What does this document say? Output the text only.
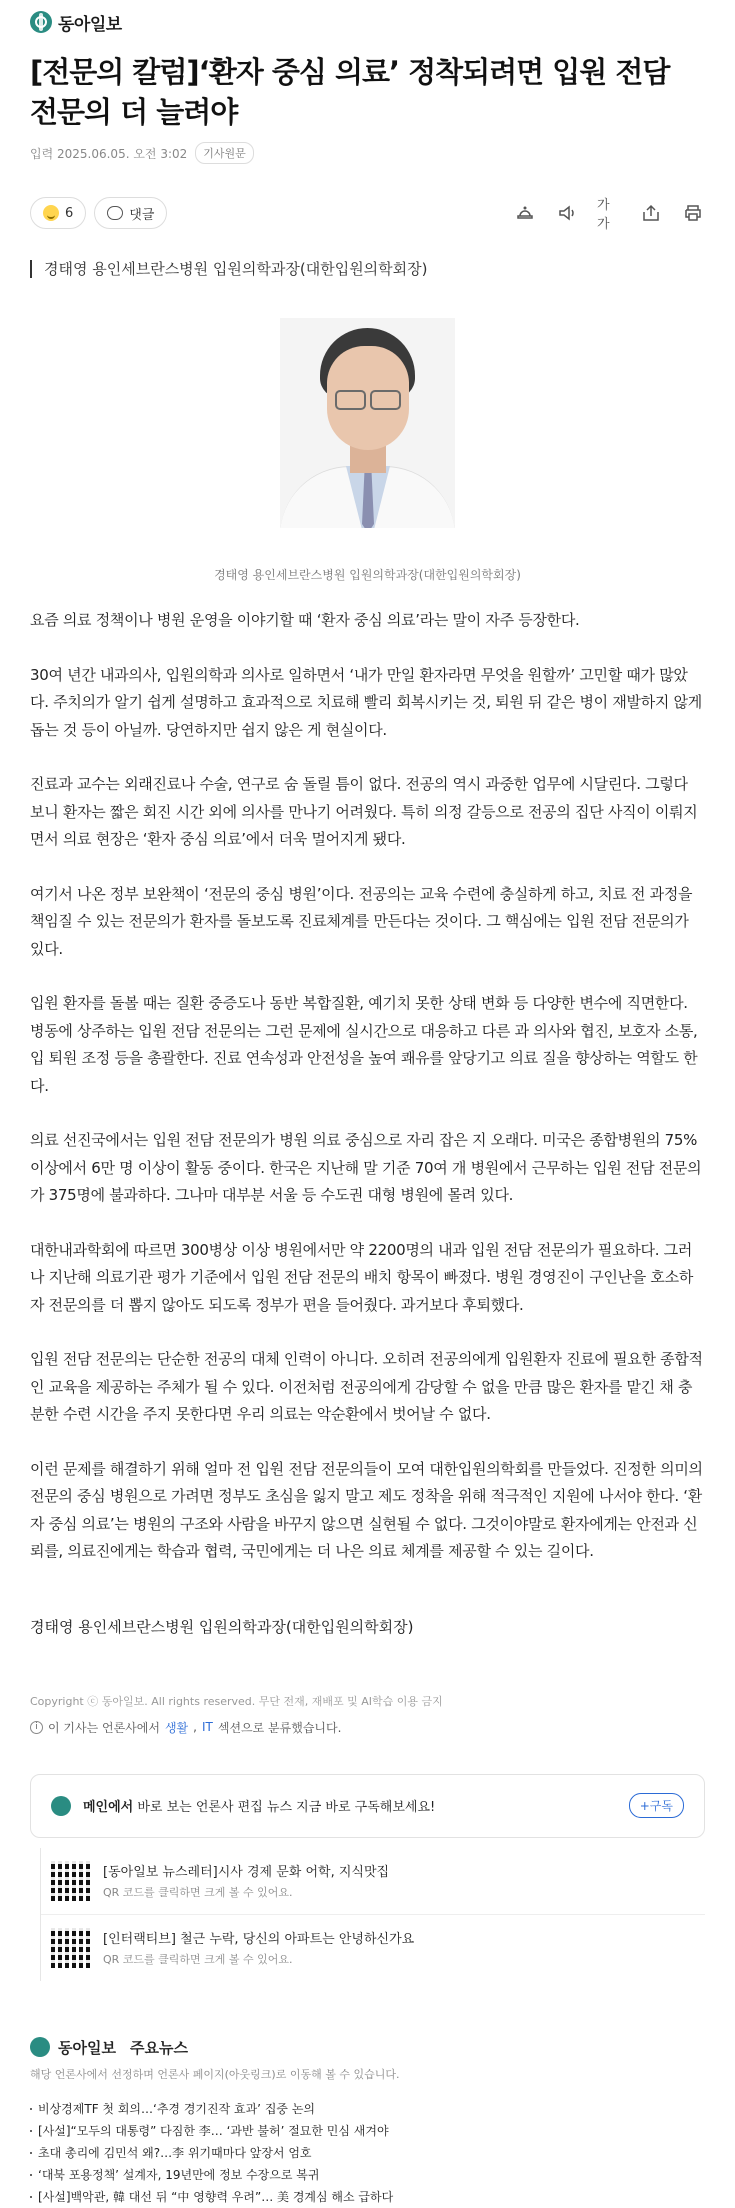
동아일보
[전문의 칼럼]‘환자 중심 의료’ 정착되려면 입원 전담 전문의 더 늘려야
입력 2025.06.05. 오전 3:02	기사원문
6	댓글
가가
경태영 용인세브란스병원 입원의학과장(대한입원의학회장)
경태영 용인세브란스병원 입원의학과장(대한입원의학회장)

요즘 의료 정책이나 병원 운영을 이야기할 때 ‘환자 중심 의료’라는 말이 자주 등장한다.

30여 년간 내과의사, 입원의학과 의사로 일하면서 ‘내가 만일 환자라면 무엇을 원할까’ 고민할 때가 많았다. 주치의가 알기 쉽게 설명하고 효과적으로 치료해 빨리 회복시키는 것, 퇴원 뒤 같은 병이 재발하지 않게 돕는 것 등이 아닐까. 당연하지만 쉽지 않은 게 현실이다.

진료과 교수는 외래진료나 수술, 연구로 숨 돌릴 틈이 없다. 전공의 역시 과중한 업무에 시달린다. 그렇다 보니 환자는 짧은 회진 시간 외에 의사를 만나기 어려웠다. 특히 의정 갈등으로 전공의 집단 사직이 이뤄지면서 의료 현장은 ‘환자 중심 의료’에서 더욱 멀어지게 됐다.

여기서 나온 정부 보완책이 ‘전문의 중심 병원’이다. 전공의는 교육 수련에 충실하게 하고, 치료 전 과정을 책임질 수 있는 전문의가 환자를 돌보도록 진료체계를 만든다는 것이다. 그 핵심에는 입원 전담 전문의가 있다.

입원 환자를 돌볼 때는 질환 중증도나 동반 복합질환, 예기치 못한 상태 변화 등 다양한 변수에 직면한다. 병동에 상주하는 입원 전담 전문의는 그런 문제에 실시간으로 대응하고 다른 과 의사와 협진, 보호자 소통, 입 퇴원 조정 등을 총괄한다. 진료 연속성과 안전성을 높여 쾌유를 앞당기고 의료 질을 향상하는 역할도 한다.

의료 선진국에서는 입원 전담 전문의가 병원 의료 중심으로 자리 잡은 지 오래다. 미국은 종합병원의 75% 이상에서 6만 명 이상이 활동 중이다. 한국은 지난해 말 기준 70여 개 병원에서 근무하는 입원 전담 전문의가 375명에 불과하다. 그나마 대부분 서울 등 수도권 대형 병원에 몰려 있다.

대한내과학회에 따르면 300병상 이상 병원에서만 약 2200명의 내과 입원 전담 전문의가 필요하다. 그러나 지난해 의료기관 평가 기준에서 입원 전담 전문의 배치 항목이 빠졌다. 병원 경영진이 구인난을 호소하자 전문의를 더 뽑지 않아도 되도록 정부가 편을 들어줬다. 과거보다 후퇴했다.

입원 전담 전문의는 단순한 전공의 대체 인력이 아니다. 오히려 전공의에게 입원환자 진료에 필요한 종합적인 교육을 제공하는 주체가 될 수 있다. 이전처럼 전공의에게 감당할 수 없을 만큼 많은 환자를 맡긴 채 충분한 수련 시간을 주지 못한다면 우리 의료는 악순환에서 벗어날 수 없다.

이런 문제를 해결하기 위해 얼마 전 입원 전담 전문의들이 모여 대한입원의학회를 만들었다. 진정한 의미의 전문의 중심 병원으로 가려면 정부도 초심을 잃지 말고 제도 정착을 위해 적극적인 지원에 나서야 한다. ‘환자 중심 의료’는 병원의 구조와 사람을 바꾸지 않으면 실현될 수 없다. 그것이야말로 환자에게는 안전과 신뢰를, 의료진에게는 학습과 협력, 국민에게는 더 나은 의료 체계를 제공할 수 있는 길이다.

경태영 용인세브란스병원 입원의학과장(대한입원의학회장)
Copyright ⓒ 동아일보. All rights reserved. 무단 전재, 재배포 및 AI학습 이용 금지
i 이 기사는 언론사에서 생활 , IT 섹션으로 분류했습니다.
메인에서 바로 보는 언론사 편집 뉴스 지금 바로 구독해보세요!	+구독
[동아일보 뉴스레터]시사 경제 문화 어학, 지식맛집
QR 코드를 클릭하면 크게 볼 수 있어요.
[인터랙티브] 철근 누락, 당신의 아파트는 안녕하신가요
QR 코드를 클릭하면 크게 볼 수 있어요.
동아일보 주요뉴스
해당 언론사에서 선정하며 언론사 페이지(아웃링크)로 이동해 볼 수 있습니다.
비상경제TF 첫 회의…‘추경 경기진작 효과’ 집중 논의
[사설]“모두의 대통령” 다짐한 李… ‘과반 불허’ 절묘한 민심 새겨야
초대 총리에 김민석 왜?…李 위기때마다 앞장서 엄호
‘대북 포용정책’ 설계자, 19년만에 정보 수장으로 복귀
[사설]백악관, 韓 대선 뒤 “中 영향력 우려”… 美 경계심 해소 급하다
